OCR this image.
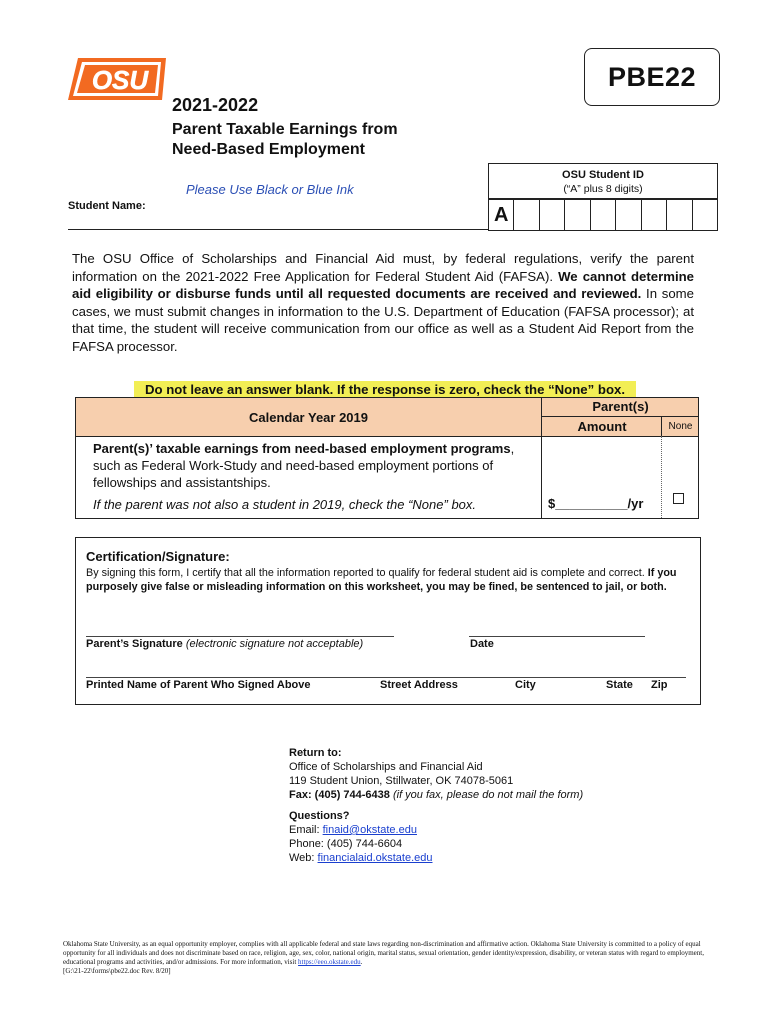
OSU	PBE22
2021-2022
Parent Taxable Earnings from
Need-Based Employment
Please Use Black or Blue Ink
OSU Student ID
(“A” plus 8 digits)
Student Name:	A
The OSU Office of Scholarships and Financial Aid must, by federal regulations, verify the parent information on the 2021-2022 Free Application for Federal Student Aid (FAFSA). We cannot determine aid eligibility or disburse funds until all requested documents are received and reviewed. In some cases, we must submit changes in information to the U.S. Department of Education (FAFSA processor); at that time, the student will receive communication from our office as well as a Student Aid Report from the FAFSA processor.
Do not leave an answer blank. If the response is zero, check the “None” box.
Calendar Year 2019
Parent(s)
Amount	None
Parent(s)’ taxable earnings from need-based employment programs, such as Federal Work-Study and need-based employment portions of fellowships and assistantships.
If the parent was not also a student in 2019, check the “None” box.	$__________/yr
Certification/Signature:
By signing this form, I certify that all the information reported to qualify for federal student aid is complete and correct. If you purposely give false or misleading information on this worksheet, you may be fined, be sentenced to jail, or both.
Parent’s Signature (electronic signature not acceptable)	Date
Printed Name of Parent Who Signed Above	Street Address	City	State Zip
Return to:
Office of Scholarships and Financial Aid
119 Student Union, Stillwater, OK 74078-5061
Fax: (405) 744-6438 (if you fax, please do not mail the form)

Questions?
Email: finaid@okstate.edu
Phone: (405) 744-6604
Web: financialaid.okstate.edu
Oklahoma State University, as an equal opportunity employer, complies with all applicable federal and state laws regarding non-discrimination and affirmative action. Oklahoma State University is committed to a policy of equal opportunity for all individuals and does not discriminate based on race, religion, age, sex, color, national origin, marital status, sexual orientation, gender identity/expression, disability, or veteran status with regard to employment, educational programs and activities, and/or admissions. For more information, visit https://eeo.okstate.edu.
[G:\21-22\forms\pbe22.doc Rev. 8/20]
